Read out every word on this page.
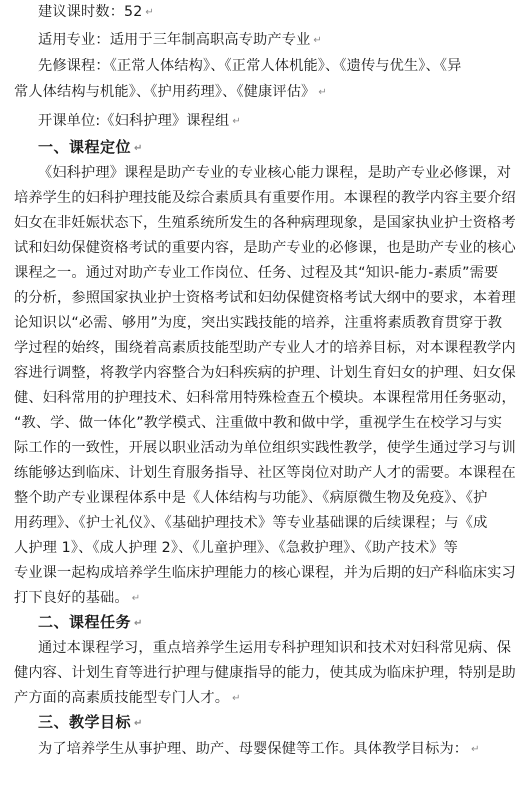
建议课时数：52 ↵
适用专业：适用于三年制高职高专助产专业 ↵
先修课程：《正常人体结构》、《正常人体机能》、《遗传与优生》、《异
常人体结构与机能》、《护用药理》、《健康评估》 ↵
开课单位:《妇科护理》课程组 ↵
一、课程定位 ↵
《妇科护理》课程是助产专业的专业核心能力课程，是助产专业必修课，对
培养学生的妇科护理技能及综合素质具有重要作用。本课程的教学内容主要介绍
妇女在非妊娠状态下，生殖系统所发生的各种病理现象，是国家执业护士资格考
试和妇幼保健资格考试的重要内容，是助产专业的必修课，也是助产专业的核心
课程之一。通过对助产专业工作岗位、任务、过程及其“知识-能力-素质”需要
的分析，参照国家执业护士资格考试和妇幼保健资格考试大纲中的要求，本着理
论知识以“必需、够用”为度，突出实践技能的培养，注重将素质教育贯穿于教
学过程的始终，围绕着高素质技能型助产专业人才的培养目标，对本课程教学内
容进行调整，将教学内容整合为妇科疾病的护理、计划生育妇女的护理、妇女保
健、妇科常用的护理技术、妇科常用特殊检查五个模块。本课程常用任务驱动，
“教、学、做一体化”教学模式、注重做中教和做中学，重视学生在校学习与实
际工作的一致性，开展以职业活动为单位组织实践性教学，使学生通过学习与训
练能够达到临床、计划生育服务指导、社区等岗位对助产人才的需要。本课程在
整个助产专业课程体系中是《人体结构与功能》、《病原微生物及免疫》、《护
用药理》、《护士礼仪》、《基础护理技术》等专业基础课的后续课程；与《成
人护理 1》、《成人护理 2》、《儿童护理》、《急救护理》、《助产技术》等
专业课一起构成培养学生临床护理能力的核心课程，并为后期的妇产科临床实习
打下良好的基础。 ↵
二、课程任务 ↵
通过本课程学习，重点培养学生运用专科护理知识和技术对妇科常见病、保
健内容、计划生育等进行护理与健康指导的能力，使其成为临床护理，特别是助
产方面的高素质技能型专门人才。 ↵
三、教学目标 ↵
为了培养学生从事护理、助产、母婴保健等工作。具体教学目标为： ↵
